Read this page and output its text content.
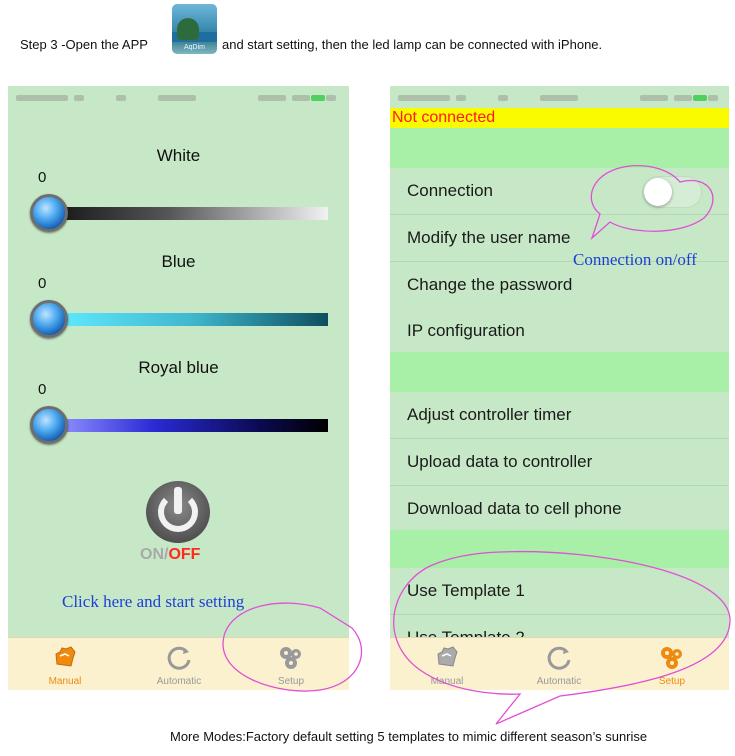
Step 3 -Open the APP	AqDim	and start setting, then the led lamp can be connected with iPhone.
White
0
Blue
0
Royal blue
0
ON/OFF
Click here and start setting
Manual	Automatic	Setup
Not connected
Connection
Modify the user name
Change the password
IP configuration
Adjust controller timer
Upload data to controller
Download data to cell phone
Use Template 1
Connection on/off
Manual	Automatic	Setup
More Modes:Factory default setting 5 templates to mimic different season’s sunrise
